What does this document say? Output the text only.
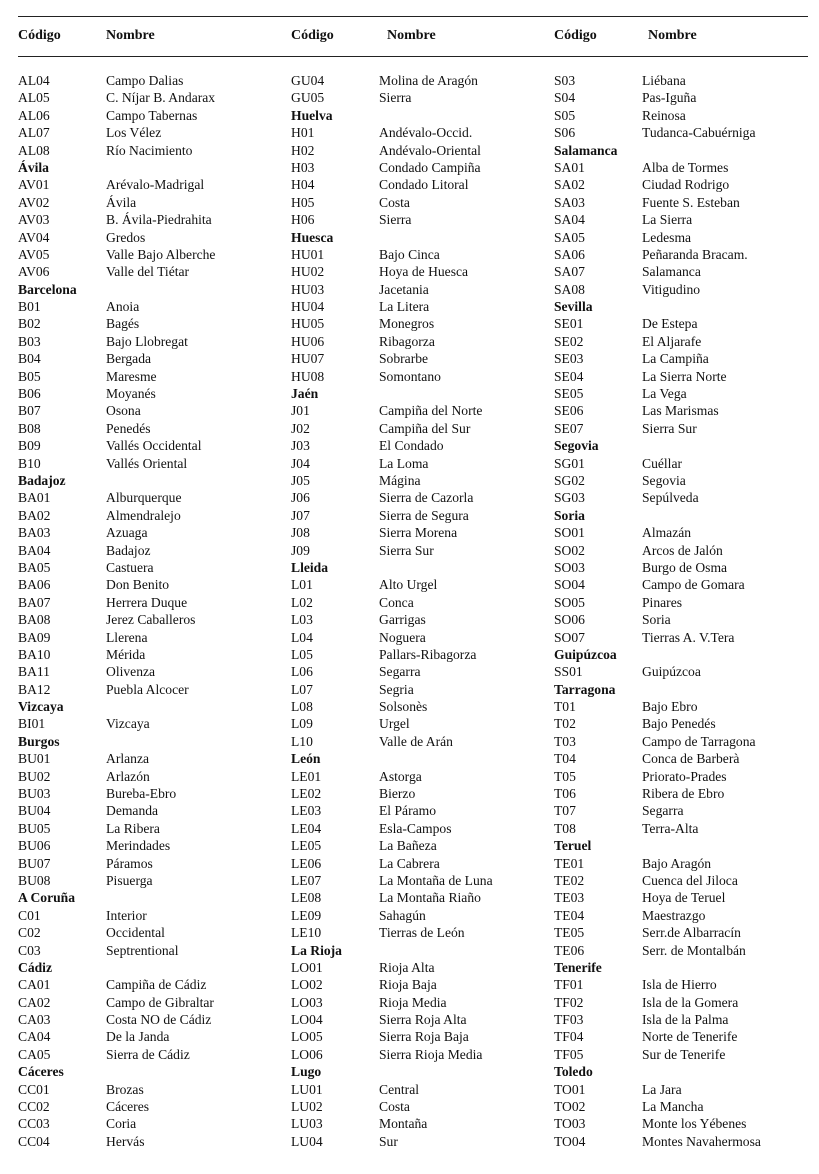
Código	Nombre	Código	Nombre	Código	Nombre
AL04	Campo Dalias
AL05	C. Níjar B. Andarax
AL06	Campo Tabernas
AL07	Los Vélez
AL08	Río Nacimiento
Ávila
AV01	Arévalo-Madrigal
AV02	Ávila
AV03	B. Ávila-Piedrahita
AV04	Gredos
AV05	Valle Bajo Alberche
AV06	Valle del Tiétar
Barcelona
B01	Anoia
B02	Bagés
B03	Bajo Llobregat
B04	Bergada
B05	Maresme
B06	Moyanés
B07	Osona
B08	Penedés
B09	Vallés Occidental
B10	Vallés Oriental
Badajoz
BA01	Alburquerque
BA02	Almendralejo
BA03	Azuaga
BA04	Badajoz
BA05	Castuera
BA06	Don Benito
BA07	Herrera Duque
BA08	Jerez Caballeros
BA09	Llerena
BA10	Mérida
BA11	Olivenza
BA12	Puebla Alcocer
Vizcaya
BI01	Vizcaya
Burgos
BU01	Arlanza
BU02	Arlazón
BU03	Bureba-Ebro
BU04	Demanda
BU05	La Ribera
BU06	Merindades
BU07	Páramos
BU08	Pisuerga
A Coruña
C01	Interior
C02	Occidental
C03	Septrentional
Cádiz
CA01	Campiña de Cádiz
CA02	Campo de Gibraltar
CA03	Costa NO de Cádiz
CA04	De la Janda
CA05	Sierra de Cádiz
Cáceres
CC01	Brozas
CC02	Cáceres
CC03	Coria
CC04	Hervás
GU04	Molina de Aragón
GU05	Sierra
Huelva
H01	Andévalo-Occid.
H02	Andévalo-Oriental
H03	Condado Campiña
H04	Condado Litoral
H05	Costa
H06	Sierra
Huesca
HU01	Bajo Cinca
HU02	Hoya de Huesca
HU03	Jacetania
HU04	La Litera
HU05	Monegros
HU06	Ribagorza
HU07	Sobrarbe
HU08	Somontano
Jaén
J01	Campiña del Norte
J02	Campiña del Sur
J03	El Condado
J04	La Loma
J05	Mágina
J06	Sierra de Cazorla
J07	Sierra de Segura
J08	Sierra Morena
J09	Sierra Sur
Lleida
L01	Alto Urgel
L02	Conca
L03	Garrigas
L04	Noguera
L05	Pallars-Ribagorza
L06	Segarra
L07	Segria
L08	Solsonès
L09	Urgel
L10	Valle de Arán
León
LE01	Astorga
LE02	Bierzo
LE03	El Páramo
LE04	Esla-Campos
LE05	La Bañeza
LE06	La Cabrera
LE07	La Montaña de Luna
LE08	La Montaña Riaño
LE09	Sahagún
LE10	Tierras de León
La Rioja
LO01	Rioja Alta
LO02	Rioja Baja
LO03	Rioja Media
LO04	Sierra Roja Alta
LO05	Sierra Roja Baja
LO06	Sierra Rioja Media
Lugo
LU01	Central
LU02	Costa
LU03	Montaña
LU04	Sur
S03	Liébana
S04	Pas-Iguña
S05	Reinosa
S06	Tudanca-Cabuérniga
Salamanca
SA01	Alba de Tormes
SA02	Ciudad Rodrigo
SA03	Fuente S. Esteban
SA04	La Sierra
SA05	Ledesma
SA06	Peñaranda Bracam.
SA07	Salamanca
SA08	Vitigudino
Sevilla
SE01	De Estepa
SE02	El Aljarafe
SE03	La Campiña
SE04	La Sierra Norte
SE05	La Vega
SE06	Las Marismas
SE07	Sierra Sur
Segovia
SG01	Cuéllar
SG02	Segovia
SG03	Sepúlveda
Soria
SO01	Almazán
SO02	Arcos de Jalón
SO03	Burgo de Osma
SO04	Campo de Gomara
SO05	Pinares
SO06	Soria
SO07	Tierras A. V.Tera
Guipúzcoa
SS01	Guipúzcoa
Tarragona
T01	Bajo Ebro
T02	Bajo Penedés
T03	Campo de Tarragona
T04	Conca de Barberà
T05	Priorato-Prades
T06	Ribera de Ebro
T07	Segarra
T08	Terra-Alta
Teruel
TE01	Bajo Aragón
TE02	Cuenca del Jiloca
TE03	Hoya de Teruel
TE04	Maestrazgo
TE05	Serr.de Albarracín
TE06	Serr. de Montalbán
Tenerife
TF01	Isla de Hierro
TF02	Isla de la Gomera
TF03	Isla de la Palma
TF04	Norte de Tenerife
TF05	Sur de Tenerife
Toledo
TO01	La Jara
TO02	La Mancha
TO03	Monte los Yébenes
TO04	Montes Navahermosa
